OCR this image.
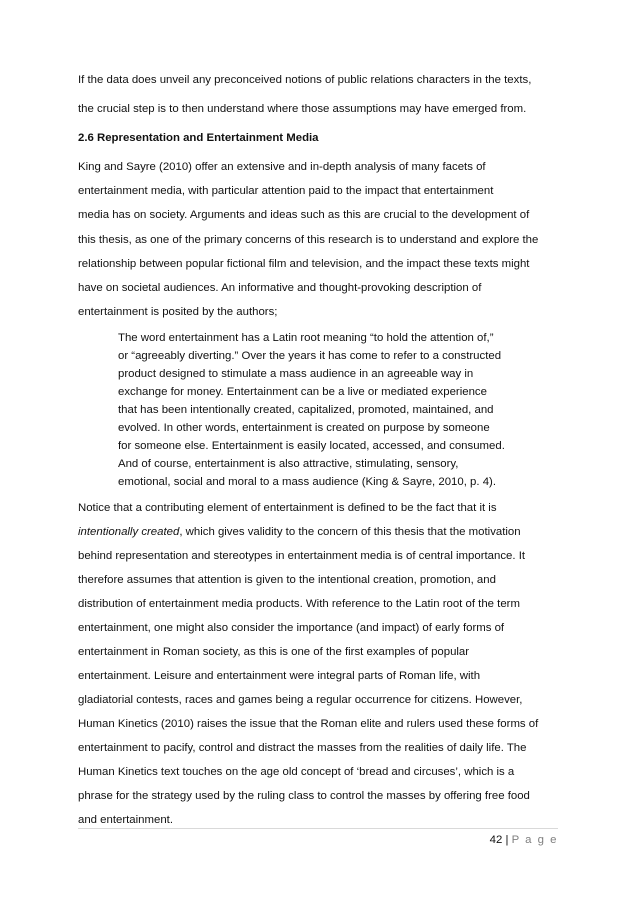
If the data does unveil any preconceived notions of public relations characters in the texts,
the crucial step is to then understand where those assumptions may have emerged from.
2.6 Representation and Entertainment Media
King and Sayre (2010) offer an extensive and in-depth analysis of many facets of
entertainment media, with particular attention paid to the impact that entertainment
media has on society. Arguments and ideas such as this are crucial to the development of
this thesis, as one of the primary concerns of this research is to understand and explore the
relationship between popular fictional film and television, and the impact these texts might
have on societal audiences. An informative and thought-provoking description of
entertainment is posited by the authors;
The word entertainment has a Latin root meaning “to hold the attention of,”
or “agreeably diverting.” Over the years it has come to refer to a constructed
product designed to stimulate a mass audience in an agreeable way in
exchange for money. Entertainment can be a live or mediated experience
that has been intentionally created, capitalized, promoted, maintained, and
evolved. In other words, entertainment is created on purpose by someone
for someone else. Entertainment is easily located, accessed, and consumed.
And of course, entertainment is also attractive, stimulating, sensory,
emotional, social and moral to a mass audience (King & Sayre, 2010, p. 4).
Notice that a contributing element of entertainment is defined to be the fact that it is
intentionally created, which gives validity to the concern of this thesis that the motivation
behind representation and stereotypes in entertainment media is of central importance. It
therefore assumes that attention is given to the intentional creation, promotion, and
distribution of entertainment media products. With reference to the Latin root of the term
entertainment, one might also consider the importance (and impact) of early forms of
entertainment in Roman society, as this is one of the first examples of popular
entertainment. Leisure and entertainment were integral parts of Roman life, with
gladiatorial contests, races and games being a regular occurrence for citizens. However,
Human Kinetics (2010) raises the issue that the Roman elite and rulers used these forms of
entertainment to pacify, control and distract the masses from the realities of daily life. The
Human Kinetics text touches on the age old concept of ‘bread and circuses’, which is a
phrase for the strategy used by the ruling class to control the masses by offering free food
and entertainment.
42 | P a g e
